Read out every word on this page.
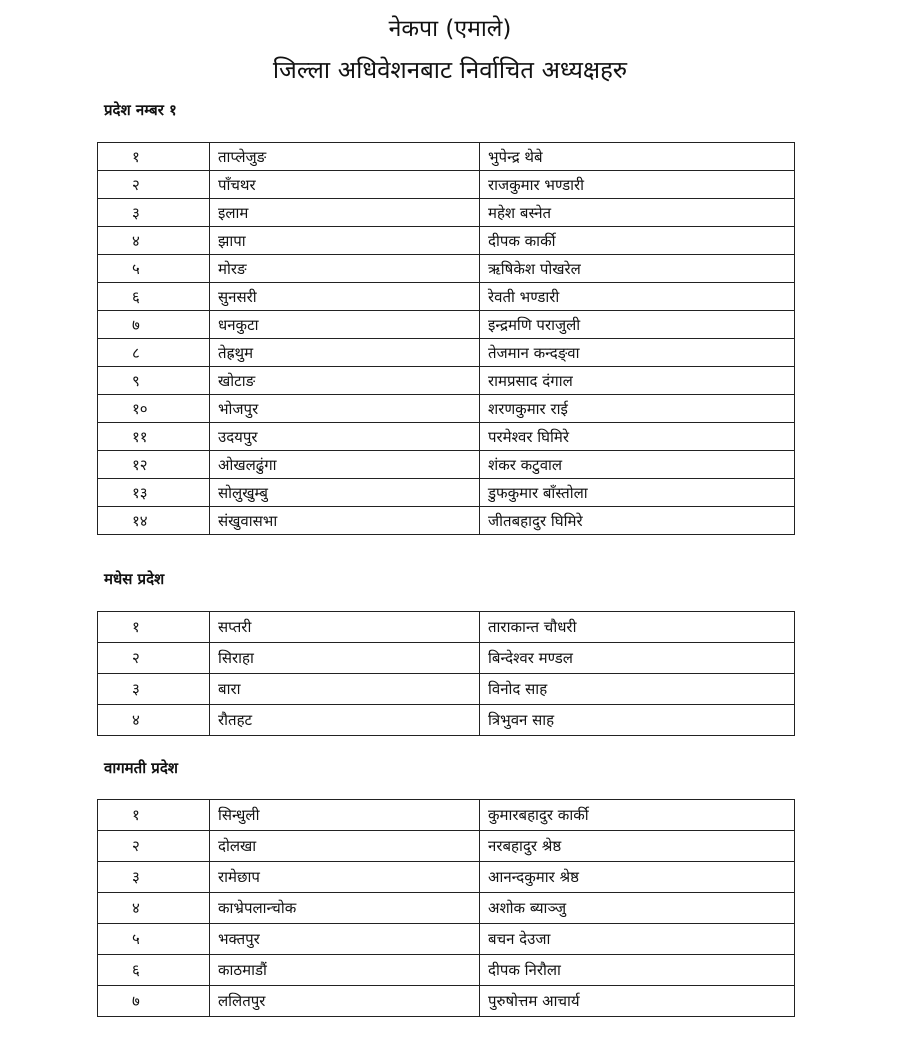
नेकपा (एमाले)
जिल्ला अधिवेशनबाट निर्वाचित अध्यक्षहरु
प्रदेश नम्बर १
१	ताप्लेजुङ	भुपेन्द्र थेबे
२	पाँचथर	राजकुमार भण्डारी
३	इलाम	महेश बस्नेत
४	झापा	दीपक कार्की
५	मोरङ	ऋषिकेश पोखरेल
६	सुनसरी	रेवती भण्डारी
७	धनकुटा	इन्द्रमणि पराजुली
८	तेह्रथुम	तेजमान कन्दङ्वा
९	खोटाङ	रामप्रसाद दंगाल
१०	भोजपुर	शरणकुमार राई
११	उदयपुर	परमेश्वर घिमिरे
१२	ओखलढुंगा	शंकर कटुवाल
१३	सोलुखुम्बु	डुफकुमार बाँस्तोला
१४	संखुवासभा	जीतबहादुर घिमिरे
मधेस प्रदेश
१	सप्तरी	ताराकान्त चौधरी
२	सिराहा	बिन्देश्वर मण्डल
३	बारा	विनोद साह
४	रौतहट	त्रिभुवन साह
वागमती प्रदेश
१	सिन्धुली	कुमारबहादुर कार्की
२	दोलखा	नरबहादुर श्रेष्ठ
३	रामेछाप	आनन्दकुमार श्रेष्ठ
४	काभ्रेपलान्चोक	अशोक ब्याञ्जु
५	भक्तपुर	बचन देउजा
६	काठमाडौं	दीपक निरौला
७	ललितपुर	पुरुषोत्तम आचार्य
